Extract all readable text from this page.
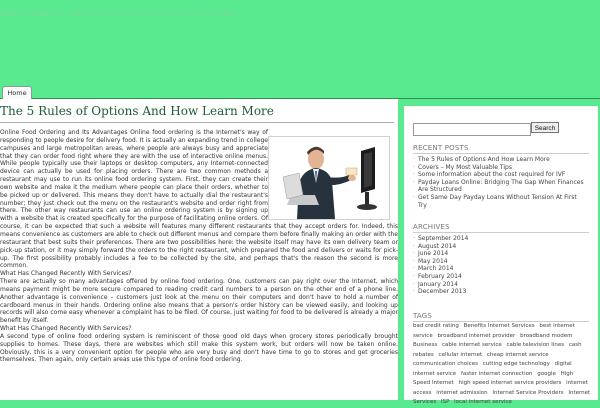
www.cornutype.net - com our articles and tomorrow is your event videos
Home
The 5 Rules of Options And How Learn More

Online Food Ordering and Its Advantages Online food ordering is the Internet's way of responding to people desire for delivery food. It is actually an expanding trend in college campuses and large metropolitan areas, where people are always busy and appreciate that they can order food right where they are with the use of interactive online menus. While people typically use their laptops or desktop computers, any Internet-connected device can actually be used for placing orders. There are two common methods a restaurant may use to run its online food ordering system. First, they can create their own website and make it the medium where people can place their orders, whether to be picked up or delivered. This means they don't have to actually dial the restaurant's number; they just check out the menu on the restaurant's website and order right from there. The other way restaurants can use an online ordering system is by signing up with a website that is created specifically for the purpose of facilitating online orders. Of course, it can be expected that such a website will features many different restaurants that they accept orders for. Indeed, this means convenience as customers are able to check out different menus and compare them before finally making an order with the restaurant that best suits their preferences. There are two possibilities here: the website itself may have its own delivery team or pick-up station, or it may simply forward the orders to the right restaurant, which prepared the food and delivers or waits for pick-up. The first possibility probably includes a fee to be collected by the site, and perhaps that's the reason the second is more common.

What Has Changed Recently With Services?

There are actually so many advantages offered by online food ordering. One, customers can pay right over the Internet, which means payment might be more secure compared to reading credit card numbers to a person on the other end of a phone line. Another advantage is convenience – customers just look at the menu on their computers and don't have to hold a number of cardboard menus in their hands. Ordering online also means that a person's order history can be viewed easily, and looking up records will also come easy whenever a complaint has to be filed. Of course, just waiting for food to be delivered is already a major benefit by itself.

What Has Changed Recently With Services?

A second type of online food ordering system is reminiscent of those good old days when grocery stores periodically brought supplies to homes. These days, there are websites which still make this system work, but orders will now be taken online. Obviously, this is a very convenient option for people who are very busy and don't have time to go to stores and get groceries themselves. Then again, only certain areas use this type of online food ordering.

Search
RECENT POSTS
· The 5 Rules of Options And How Learn More
· Covers – My Most Valuable Tips
· Some information about the cost required for IVF
· Payday Loans Online: Bridging The Gap When Finances Are Structured
· Get Same Day Payday Loans Without Tension At First Try
ARCHIVES
· September 2014
· August 2014
· June 2014
· May 2014
· March 2014
· February 2014
· January 2014
· December 2013
TAGS
bad credit rating Benefits Internet Services best internet service broadband internet provider broadband modem Business cable internet service cable television lines cash rebates cellular internet cheap internet service communication choices cutting edge technology digital internet service faster internet connection google High Speed Internet high speed internet service providers internet access internet admission Internet Service Providers Internet Services ISP local internet service
